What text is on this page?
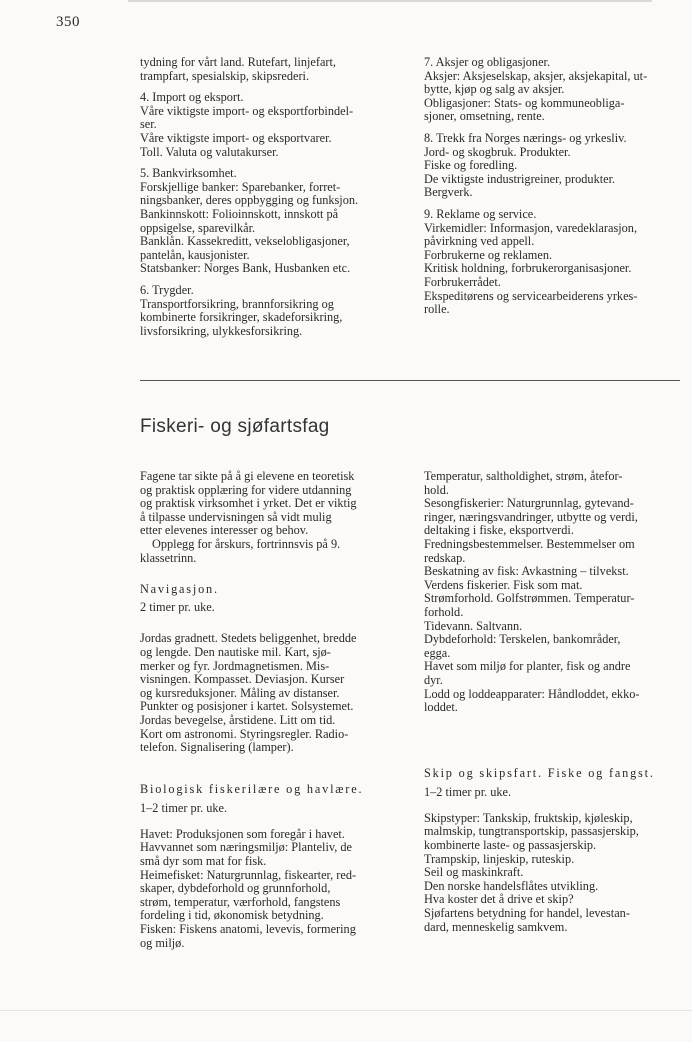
350

tydning for vårt land. Rutefart, linjefart,
trampfart, spesialskip, skipsrederi.

4. Import og eksport.
Våre viktigste import- og eksportforbindel-
ser.
Våre viktigste import- og eksportvarer.
Toll. Valuta og valutakurser.

5. Bankvirksomhet.
Forskjellige banker: Sparebanker, forret-
ningsbanker, deres oppbygging og funksjon.
Bankinnskott: Folioinnskott, innskott på
oppsigelse, sparevilkår.
Banklån. Kassekreditt, vekselobligasjoner,
pantelån, kausjonister.
Statsbanker: Norges Bank, Husbanken etc.

6. Trygder.
Transportforsikring, brannforsikring og
kombinerte forsikringer, skadeforsikring,
livsforsikring, ulykkesforsikring.

7. Aksjer og obligasjoner.
Aksjer: Aksjeselskap, aksjer, aksjekapital, ut-
bytte, kjøp og salg av aksjer.
Obligasjoner: Stats- og kommuneobliga-
sjoner, omsetning, rente.

8. Trekk fra Norges nærings- og yrkesliv.
Jord- og skogbruk. Produkter.
Fiske og foredling.
De viktigste industrigreiner, produkter.
Bergverk.

9. Reklame og service.
Virkemidler: Informasjon, varedeklarasjon,
påvirkning ved appell.
Forbrukerne og reklamen.
Kritisk holdning, forbrukerorganisasjoner.
Forbrukerrådet.
Ekspeditørens og servicearbeiderens yrkes-
rolle.

Fiskeri- og sjøfartsfag

Fagene tar sikte på å gi elevene en teoretisk
og praktisk opplæring for videre utdanning
og praktisk virksomhet i yrket. Det er viktig
å tilpasse undervisningen så vidt mulig
etter elevenes interesser og behov.

Opplegg for årskurs, fortrinnsvis på 9.
klassetrinn.

Navigasjon.
2 timer pr. uke.

Jordas gradnett. Stedets beliggenhet, bredde
og lengde. Den nautiske mil. Kart, sjø-
merker og fyr. Jordmagnetismen. Mis-
visningen. Kompasset. Deviasjon. Kurser
og kursreduksjoner. Måling av distanser.
Punkter og posisjoner i kartet. Solsystemet.
Jordas bevegelse, årstidene. Litt om tid.
Kort om astronomi. Styringsregler. Radio-
telefon. Signalisering (lamper).

Biologisk fiskerilære og havlære.
1–2 timer pr. uke.

Havet: Produksjonen som foregår i havet.
Havvannet som næringsmiljø: Planteliv, de
små dyr som mat for fisk.
Heimefisket: Naturgrunnlag, fiskearter, red-
skaper, dybdeforhold og grunnforhold,
strøm, temperatur, værforhold, fangstens
fordeling i tid, økonomisk betydning.
Fisken: Fiskens anatomi, levevis, formering
og miljø.

Temperatur, saltholdighet, strøm, åtefor-
hold.
Sesongfiskerier: Naturgrunnlag, gytevand-
ringer, næringsvandringer, utbytte og verdi,
deltaking i fiske, eksportverdi.
Fredningsbestemmelser. Bestemmelser om
redskap.
Beskatning av fisk: Avkastning – tilvekst.
Verdens fiskerier. Fisk som mat.
Strømforhold. Golfstrømmen. Temperatur-
forhold.
Tidevann. Saltvann.
Dybdeforhold: Terskelen, bankområder,
egga.
Havet som miljø for planter, fisk og andre
dyr.
Lodd og loddeapparater: Håndloddet, ekko-
loddet.

Skip og skipsfart. Fiske og fangst.
1–2 timer pr. uke.

Skipstyper: Tankskip, fruktskip, kjøleskip,
malmskip, tungtransportskip, passasjerskip,
kombinerte laste- og passasjerskip.
Trampskip, linjeskip, ruteskip.
Seil og maskinkraft.
Den norske handelsflåtes utvikling.
Hva koster det å drive et skip?
Sjøfartens betydning for handel, levestan-
dard, menneskelig samkvem.
